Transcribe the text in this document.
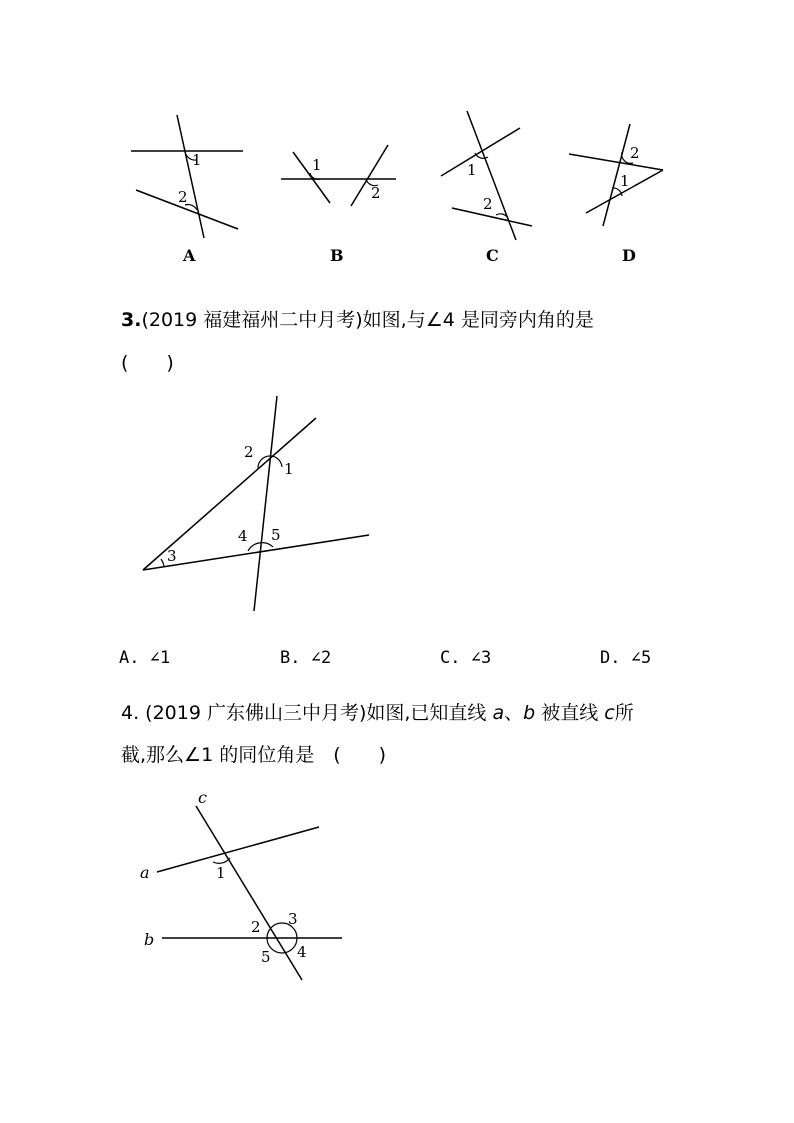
1
2
A
1
2
B
1
2
C
2
1
D
3.(2019 福建福州二中月考)如图,与∠4 是同旁内角的是
(　　)
2
1
4 5
3
A. ∠1	B. ∠2	C. ∠3	D. ∠5
4. (2019 广东佛山三中月考)如图,已知直线 a、b 被直线 c所
截,那么∠1 的同位角是　(　　)
c
a
b
1
2 3
4
5
